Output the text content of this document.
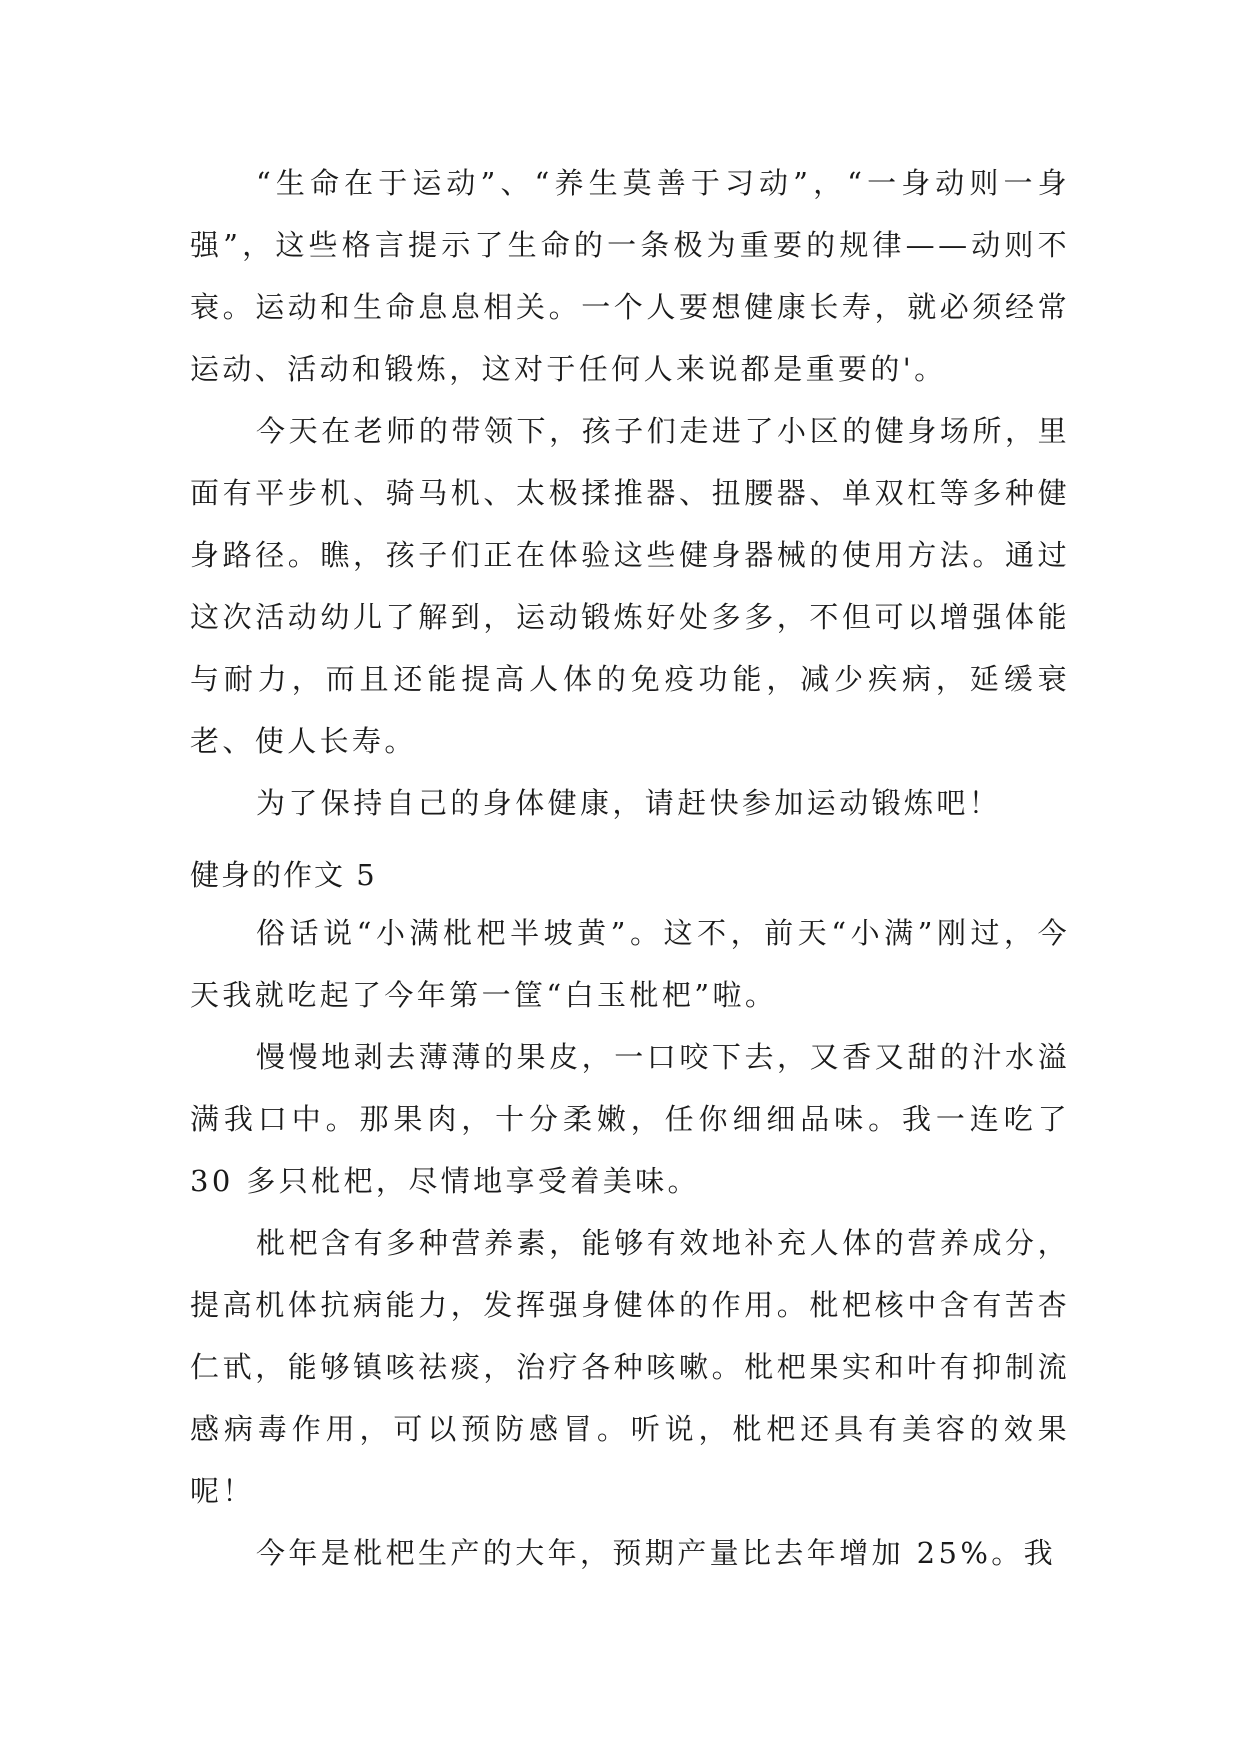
“生命在于运动”、“养生莫善于习动”，“一身动则一身强”，这些格言提示了生命的一条极为重要的规律——动则不衰。运动和生命息息相关。一个人要想健康长寿，就必须经常运动、活动和锻炼，这对于任何人来说都是重要的'。

今天在老师的带领下，孩子们走进了小区的健身场所，里面有平步机、骑马机、太极揉推器、扭腰器、单双杠等多种健身路径。瞧，孩子们正在体验这些健身器械的使用方法。通过这次活动幼儿了解到，运动锻炼好处多多，不但可以增强体能与耐力，而且还能提高人体的免疫功能，减少疾病，延缓衰老、使人长寿。

为了保持自己的身体健康，请赶快参加运动锻炼吧！

健身的作文 5

俗话说“小满枇杷半坡黄”。这不，前天“小满”刚过，今天我就吃起了今年第一筐“白玉枇杷”啦。

慢慢地剥去薄薄的果皮，一口咬下去，又香又甜的汁水溢满我口中。那果肉，十分柔嫩，任你细细品味。我一连吃了 30 多只枇杷，尽情地享受着美味。

枇杷含有多种营养素，能够有效地补充人体的营养成分，提高机体抗病能力，发挥强身健体的作用。枇杷核中含有苦杏仁甙，能够镇咳祛痰，治疗各种咳嗽。枇杷果实和叶有抑制流感病毒作用，可以预防感冒。听说，枇杷还具有美容的效果呢！

今年是枇杷生产的大年，预期产量比去年增加 25%。我
